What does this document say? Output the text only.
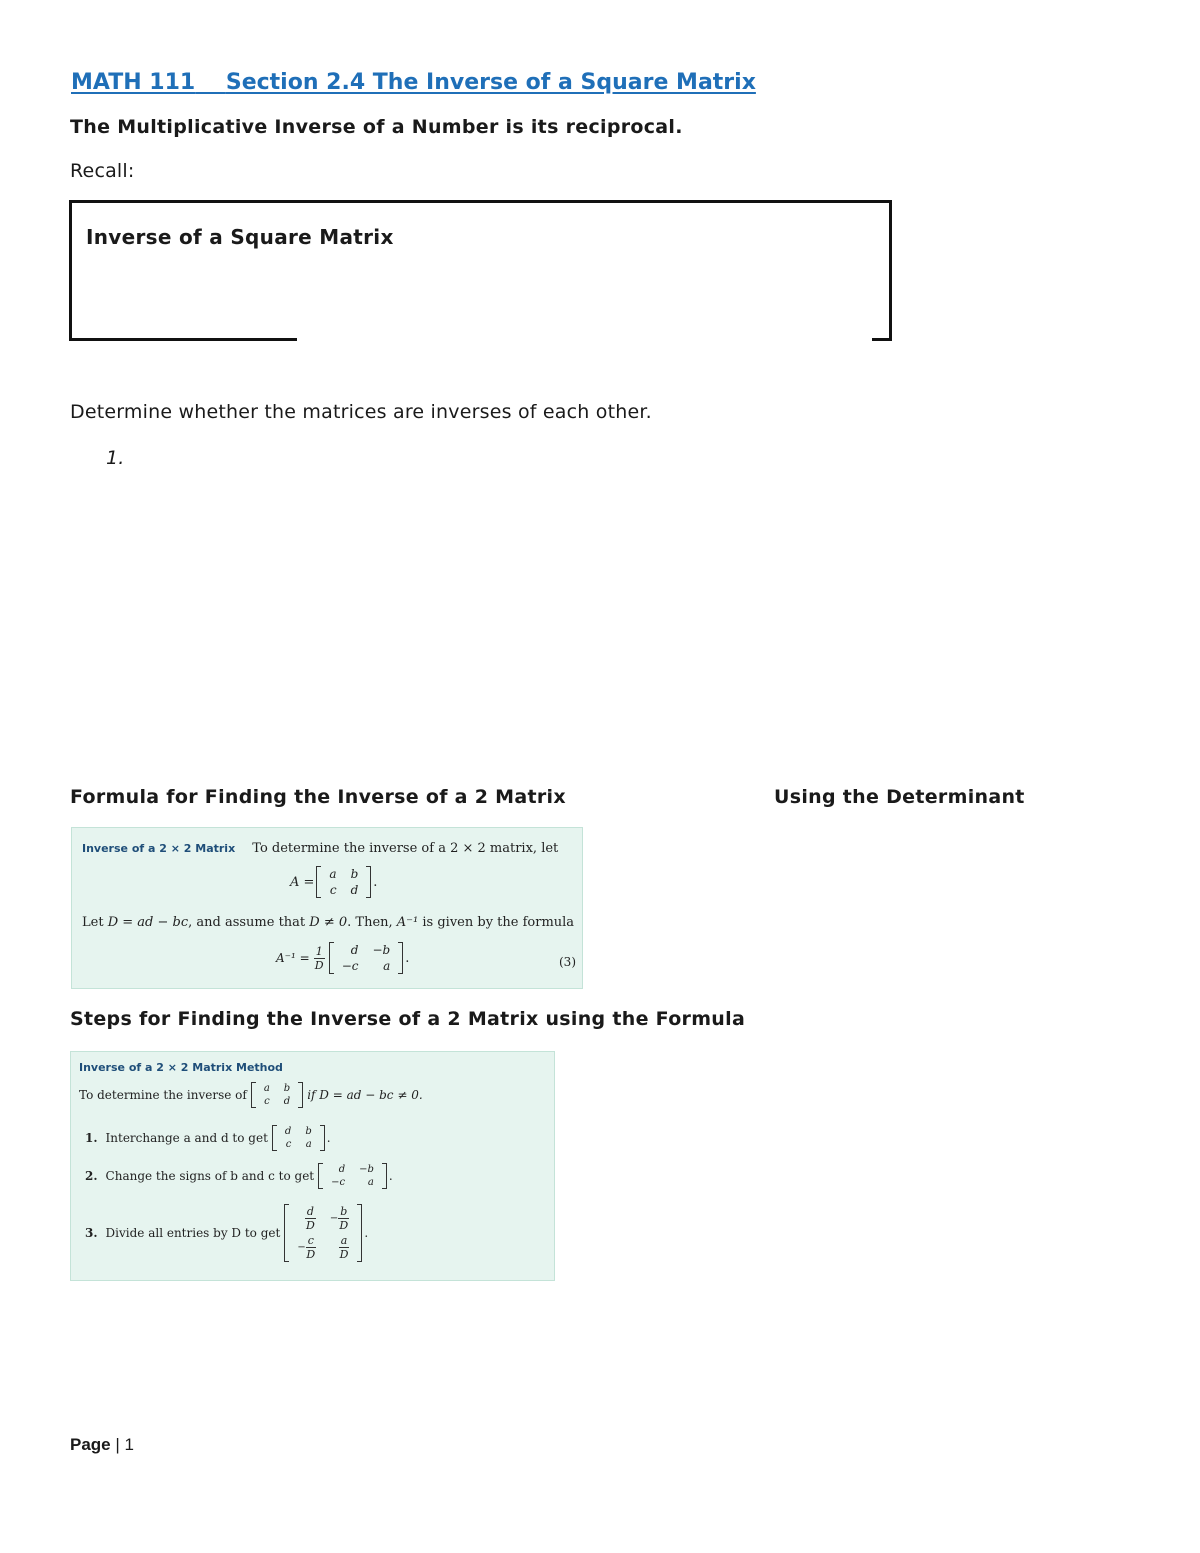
MATH 111 Section 2.4 The Inverse of a Square Matrix
The Multiplicative Inverse of a Number is its reciprocal.
Recall:
Inverse of a Square Matrix
Determine whether the matrices are inverses of each other.
1.
Formula for Finding the Inverse of a 2 Matrix	Using the Determinant
Inverse of a 2 × 2 Matrix To determine the inverse of a 2 × 2 matrix, let
A =
a	b
c	d
.
Let D = ad − bc, and assume that D ≠ 0. Then, A⁻¹ is given by the formula
$A^{-1} = \frac{1}{D}$ d	−b
−c	a
.	(3)
Steps for Finding the Inverse of a 2 Matrix using the Formula
Inverse of a 2 × 2 Matrix Method
To determine the inverse of a	b
c	d if D = ad − bc ≠ 0.
1. Interchange a and d to get d	b
c	a .
2. Change the signs of b and c to get d	−b
−c	a .
3. Divide all entries by D to get
$\frac{d}{D}$	− $\frac{b}{D}$

− $\frac{c}{D}$	$\frac{a}{D}$
.
Page | 1
